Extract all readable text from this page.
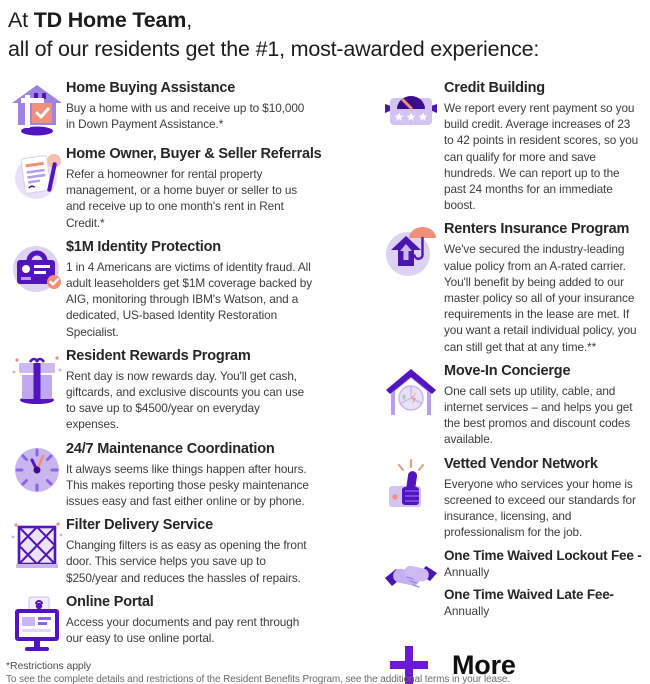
At TD Home Team,
all of our residents get the #1, most-awarded experience:
Home Buying Assistance

Buy a home with us and receive up to $10,000 in Down Payment Assistance.*

Home Owner, Buyer & Seller Referrals

Refer a homeowner for rental property management, or a home buyer or seller to us and receive up to one month's rent in Rent Credit.*

$1M Identity Protection

1 in 4 Americans are victims of identity fraud. All adult leaseholders get $1M coverage backed by AIG, monitoring through IBM's Watson, and a dedicated, US-based Identity Restoration Specialist.

Resident Rewards Program

Rent day is now rewards day. You'll get cash, giftcards, and exclusive discounts you can use to save up to $4500/year on everyday expenses.

24/7 Maintenance Coordination

It always seems like things happen after hours. This makes reporting those pesky maintenance issues easy and fast either online or by phone.

Filter Delivery Service

Changing filters is as easy as opening the front door. This service helps you save up to $250/year and reduces the hassles of repairs.

Online Portal

Access your documents and pay rent through our easy to use online portal.

Credit Building

We report every rent payment so you build credit. Average increases of 23 to 42 points in resident scores, so you can qualify for more and save hundreds. We can report up to the past 24 months for an immediate boost.

Renters Insurance Program

We've secured the industry-leading value policy from an A-rated carrier. You'll benefit by being added to our master policy so all of your insurance requirements in the lease are met. If you want a retail individual policy, you can still get that at any time.**

Move-In Concierge

One call sets up utility, cable, and internet services – and helps you get the best promos and discount codes available.

Vetted Vendor Network

Everyone who services your home is screened to exceed our standards for insurance, licensing, and professionalism for the job.

One Time Waived Lockout Fee -

Annually

One Time Waived Late Fee-

Annually

More

*Restrictions apply

To see the complete details and restrictions of the Resident Benefits Program, see the additional terms in your lease.
